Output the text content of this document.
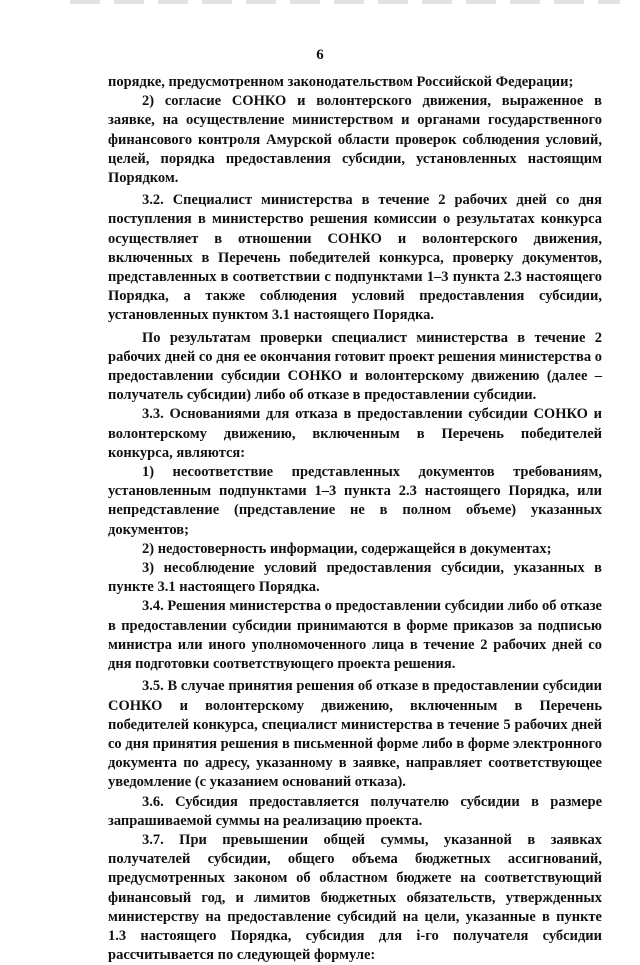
6

порядке, предусмотренном законодательством Российской Федерации;

2) согласие СОНКО и волонтерского движения, выраженное в заявке, на осуществление министерством и органами государственного финансового контроля Амурской области проверок соблюдения условий, целей, порядка предоставления субсидии, установленных настоящим Порядком.

3.2. Специалист министерства в течение 2 рабочих дней со дня поступления в министерство решения комиссии о результатах конкурса осуществляет в отношении СОНКО и волонтерского движения, включенных в Перечень победителей конкурса, проверку документов, представленных в соответствии с подпунктами 1–3 пункта 2.3 настоящего Порядка, а также соблюдения условий предоставления субсидии, установленных пунктом 3.1 настоящего Порядка.

По результатам проверки специалист министерства в течение 2 рабочих дней со дня ее окончания готовит проект решения министерства о предоставлении субсидии СОНКО и волонтерскому движению (далее – получатель субсидии) либо об отказе в предоставлении субсидии.

3.3. Основаниями для отказа в предоставлении субсидии СОНКО и волонтерскому движению, включенным в Перечень победителей конкурса, являются:

1) несоответствие представленных документов требованиям, установленным подпунктами 1–3 пункта 2.3 настоящего Порядка, или непредставление (представление не в полном объеме) указанных документов;

2) недостоверность информации, содержащейся в документах;

3) несоблюдение условий предоставления субсидии, указанных в пункте 3.1 настоящего Порядка.

3.4. Решения министерства о предоставлении субсидии либо об отказе в предоставлении субсидии принимаются в форме приказов за подписью министра или иного уполномоченного лица в течение 2 рабочих дней со дня подготовки соответствующего проекта решения.

3.5. В случае принятия решения об отказе в предоставлении субсидии СОНКО и волонтерскому движению, включенным в Перечень победителей конкурса, специалист министерства в течение 5 рабочих дней со дня принятия решения в письменной форме либо в форме электронного документа по адресу, указанному в заявке, направляет соответствующее уведомление (с указанием оснований отказа).

3.6. Субсидия предоставляется получателю субсидии в размере запрашиваемой суммы на реализацию проекта.

3.7. При превышении общей суммы, указанной в заявках получателей субсидии, общего объема бюджетных ассигнований, предусмотренных законом об областном бюджете на соответствующий финансовый год, и лимитов бюджетных обязательств, утвержденных министерству на предоставление субсидий на цели, указанные в пункте 1.3 настоящего Порядка, субсидия для i-го получателя субсидии рассчитывается по следующей формуле:
